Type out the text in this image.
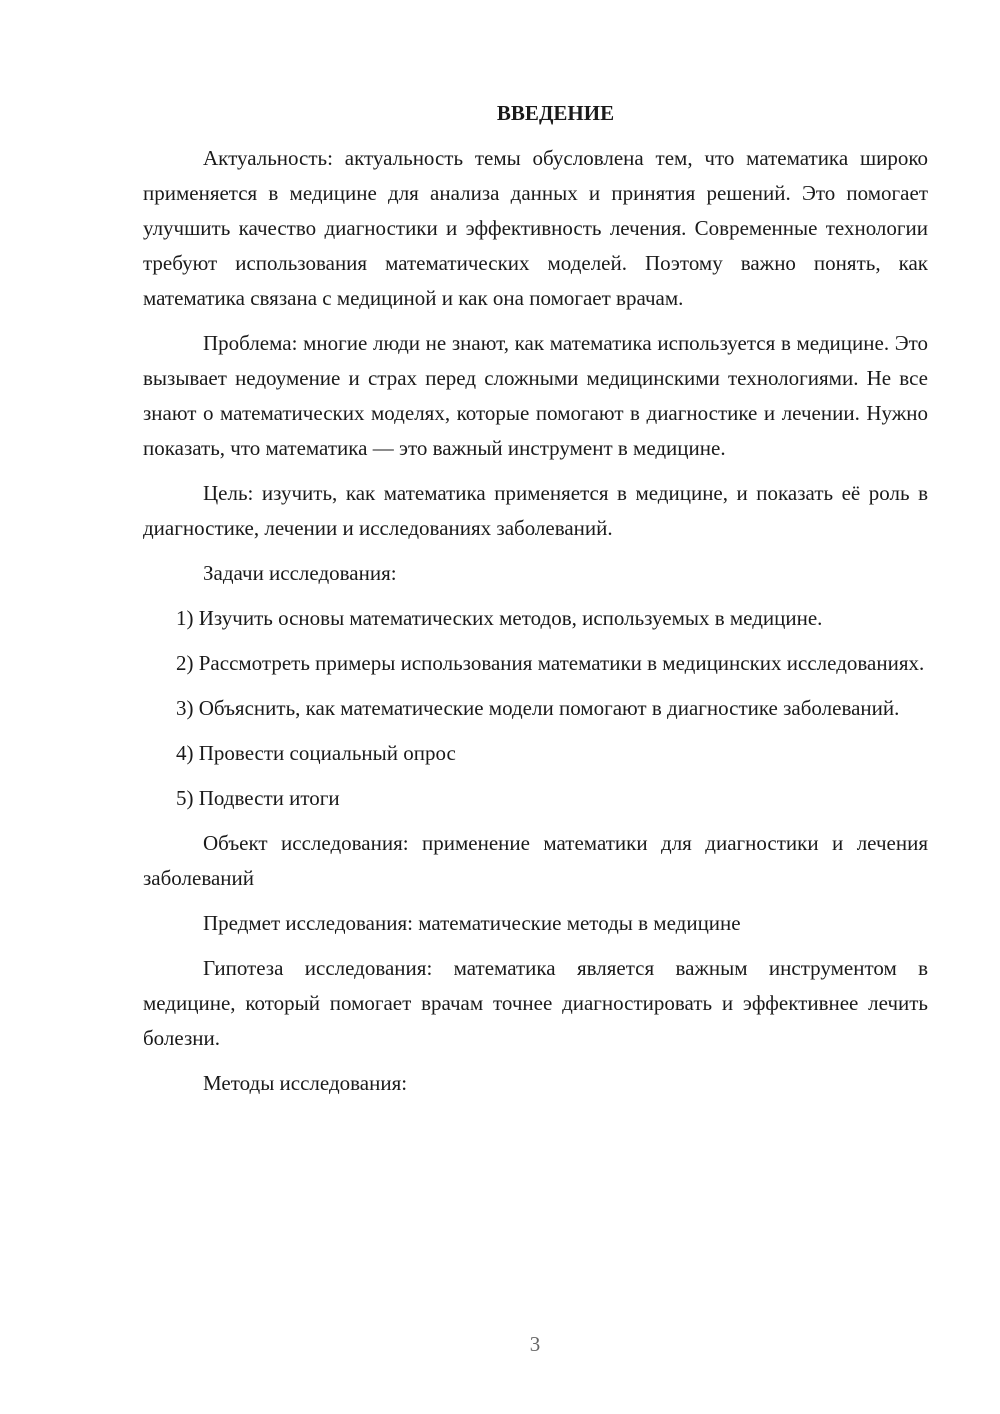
ВВЕДЕНИЕ

Актуальность: актуальность темы обусловлена тем, что математика широко применяется в медицине для анализа данных и принятия решений. Это помогает улучшить качество диагностики и эффективность лечения. Современные технологии требуют использования математических моделей. Поэтому важно понять, как математика связана с медициной и как она помогает врачам.

Проблема: многие люди не знают, как математика используется в медицине. Это вызывает недоумение и страх перед сложными медицинскими технологиями. Не все знают о математических моделях, которые помогают в диагностике и лечении. Нужно показать, что математика — это важный инструмент в медицине.

Цель: изучить, как математика применяется в медицине, и показать её роль в диагностике, лечении и исследованиях заболеваний.

Задачи исследования:

1) Изучить основы математических методов, используемых в медицине.

2) Рассмотреть примеры использования математики в медицинских исследованиях.

3) Объяснить, как математические модели помогают в диагностике заболеваний.

4) Провести социальный опрос

5) Подвести итоги

Объект исследования: применение математики для диагностики и лечения заболеваний

Предмет исследования: математические методы в медицине

Гипотеза исследования: математика является важным инструментом в медицине, который помогает врачам точнее диагностировать и эффективнее лечить болезни.

Методы исследования:

3
